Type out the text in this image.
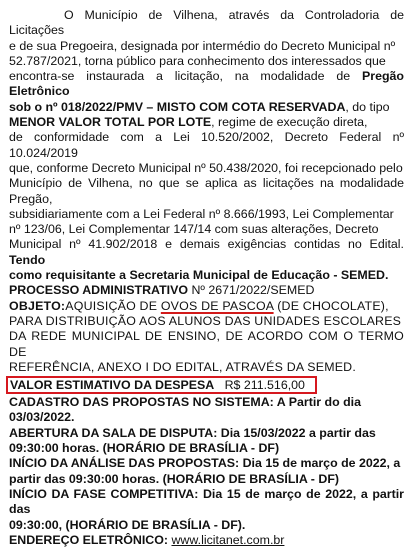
O Município de Vilhena, através da Controladoria de Licitações
e de sua Pregoeira, designada por intermédio do Decreto Municipal nº
52.787/2021, torna público para conhecimento dos interessados que
encontra-se instaurada a licitação, na modalidade de Pregão Eletrônico
sob o nº 018/2022/PMV – MISTO COM COTA RESERVADA, do tipo
MENOR VALOR TOTAL POR LOTE, regime de execução direta,
de conformidade com a Lei 10.520/2002, Decreto Federal nº 10.024/2019
que, conforme Decreto Municipal nº 50.438/2020, foi recepcionado pelo
Município de Vilhena, no que se aplica as licitações na modalidade Pregão,
subsidiariamente com a Lei Federal nº 8.666/1993, Lei Complementar
nº 123/06, Lei Complementar 147/14 com suas alterações, Decreto
Municipal nº 41.902/2018 e demais exigências contidas no Edital. Tendo
como requisitante a Secretaria Municipal de Educação - SEMED.
PROCESSO ADMINISTRATIVO Nº 2671/2022/SEMED
OBJETO:AQUISIÇÃO DE OVOS DE PASCOA (DE CHOCOLATE),
PARA DISTRIBUIÇÃO AOS ALUNOS DAS UNIDADES ESCOLARES
DA REDE MUNICIPAL DE ENSINO, DE ACORDO COM O TERMO DE
REFERÊNCIA, ANEXO I DO EDITAL, ATRAVÉS DA SEMED.
VALOR ESTIMATIVO DA DESPESA R$ 211.516,00
CADASTRO DAS PROPOSTAS NO SISTEMA: A Partir do dia
03/03/2022.
ABERTURA DA SALA DE DISPUTA: Dia 15/03/2022 a partir das
09:30:00 horas. (HORÁRIO DE BRASÍLIA - DF)
INÍCIO DA ANÁLISE DAS PROPOSTAS: Dia 15 de março de 2022, a
partir das 09:30:00 horas. (HORÁRIO DE BRASÍLIA - DF)
INÍCIO DA FASE COMPETITIVA: Dia 15 de março de 2022, a partir das
09:30:00, (HORÁRIO DE BRASÍLIA - DF).
ENDEREÇO ELETRÔNICO: www.licitanet.com.br
